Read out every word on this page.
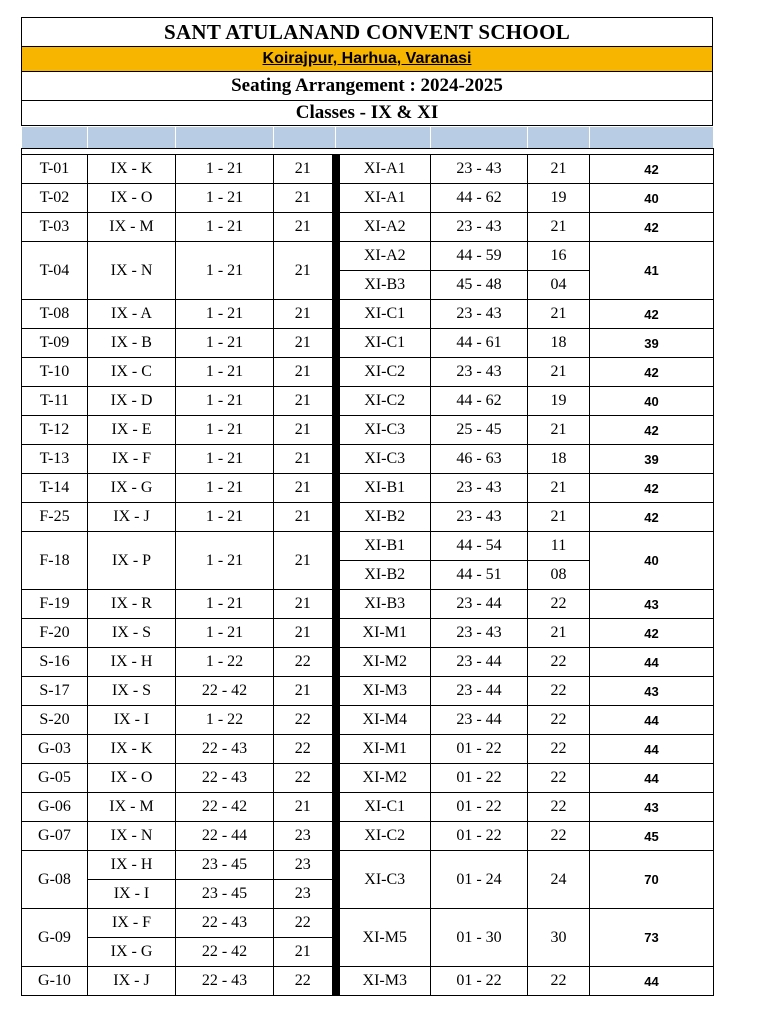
SANT ATULANAND CONVENT SCHOOL
Koirajpur, Harhua, Varanasi
Seating Arrangement : 2024-2025
Classes - IX & XI

T-01	IX - K	1 - 21	21	XI-A1	23 - 43	21	42
T-02	IX - O	1 - 21	21	XI-A1	44 - 62	19	40
T-03	IX - M	1 - 21	21	XI-A2	23 - 43	21	42
T-04	IX - N	1 - 21	21	XI-A2	44 - 59	16	41
				XI-B3	45 - 48	04	
T-08	IX - A	1 - 21	21	XI-C1	23 - 43	21	42
T-09	IX - B	1 - 21	21	XI-C1	44 - 61	18	39
T-10	IX - C	1 - 21	21	XI-C2	23 - 43	21	42
T-11	IX - D	1 - 21	21	XI-C2	44 - 62	19	40
T-12	IX - E	1 - 21	21	XI-C3	25 - 45	21	42
T-13	IX - F	1 - 21	21	XI-C3	46 - 63	18	39
T-14	IX - G	1 - 21	21	XI-B1	23 - 43	21	42
F-25	IX - J	1 - 21	21	XI-B2	23 - 43	21	42
F-18	IX - P	1 - 21	21	XI-B1	44 - 54	11	40
				XI-B2	44 - 51	08	
F-19	IX - R	1 - 21	21	XI-B3	23 - 44	22	43
F-20	IX - S	1 - 21	21	XI-M1	23 - 43	21	42
S-16	IX - H	1 - 22	22	XI-M2	23 - 44	22	44
S-17	IX - S	22 - 42	21	XI-M3	23 - 44	22	43
S-20	IX - I	1 - 22	22	XI-M4	23 - 44	22	44
G-03	IX - K	22 - 43	22	XI-M1	01 - 22	22	44
G-05	IX - O	22 - 43	22	XI-M2	01 - 22	22	44
G-06	IX - M	22 - 42	21	XI-C1	01 - 22	22	43
G-07	IX - N	22 - 44	23	XI-C2	01 - 22	22	45
G-08	IX - H	23 - 45	23	XI-C3	01 - 24	24	70
	IX - I	23 - 45	23				
G-09	IX - F	22 - 43	22	XI-M5	01 - 30	30	73
	IX - G	22 - 42	21				
G-10	IX - J	22 - 43	22	XI-M3	01 - 22	22	44
